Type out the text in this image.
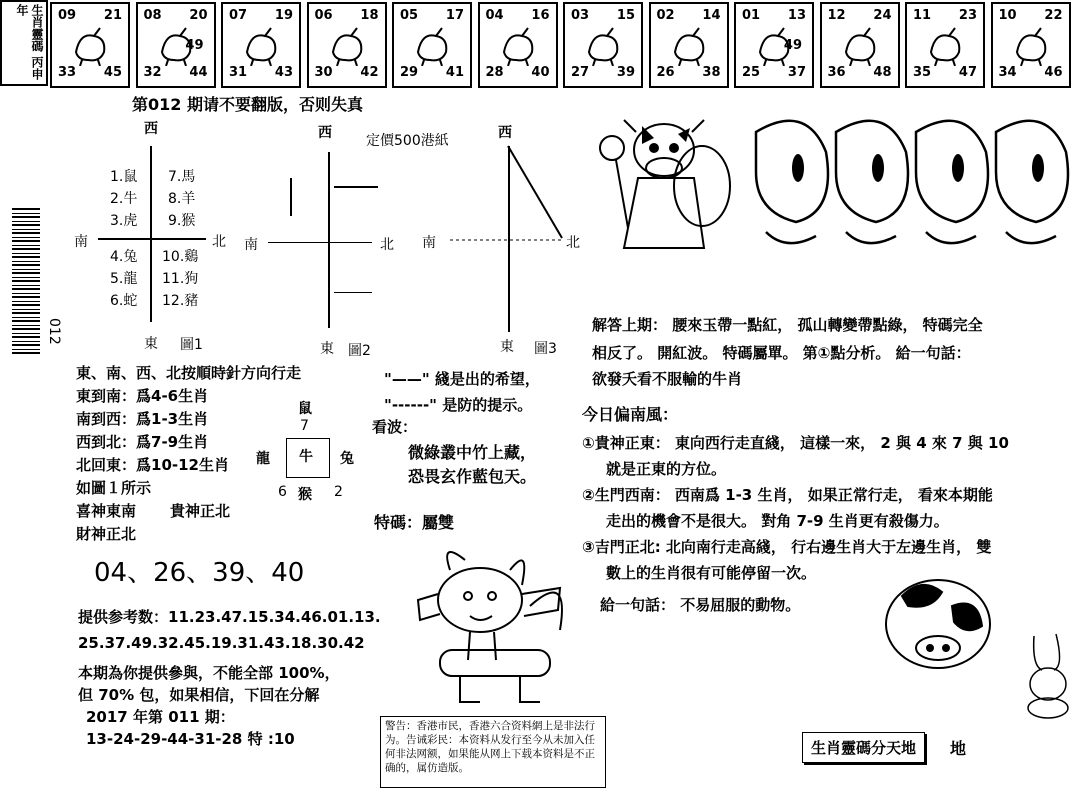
生肖靈碼 丙申年	09 21
33 45
08 20
32 44
49
07 19
31 43
06 18
30 42
05 17
29 41
04 16
28 40
03 15
27 39
02 14
26 38
01 13
25 37
49
12 24
36 48
11 23
35 47
10 22
34 46
第012 期请不要翻版，否则失真
西
南	北
1.鼠
2.牛
3.虎
4.兔
5.龍
6.蛇
7.馬
8.羊
9.猴
10.鷄
11.狗
12.豬
東 圖1
西 定價500港紙
南	北
東 圖2
西
南	北
東 圖3
012
東、南、西、北按順時針方向行走
東到南：爲4-6生肖
南到西：爲1-3生肖
西到北：爲7-9生肖
北回東：爲10-12生肖
如圖１所示
喜神東南
財神正北
貴神正北
"——" 綫是出的希望，
"------" 是防的提示。
鼠
7
龍 牛 兔
6 猴 2
看波：
微綠叢中竹上藏，
恐畏玄作藍包天。
特碼：屬雙
04、26、39、40
提供参考数：11.23.47.15.34.46.01.13.
25.37.49.32.45.19.31.43.18.30.42
本期為你提供參與，不能全部 100%，
但 70% 包，如果相信，下回在分解
2017 年第 011 期：
13-24-29-44-31-28 特 :10
警告：香港市民，香港六合资料網上是非法行为。告诫彩民：本资料从发行至今从未加入任何非法网额，如果能从网上下载本资料是不正确的，属仿造版。
解答上期： 腰來玉帶一點紅， 孤山轉變帶點綠， 特碼完全
相反了。 開紅波。 特碼屬單。 第①點分析。 給一句話：
欲發夭看不服輸的牛肖
今日偏南風：
①貴神正東： 東向西行走直綫， 這樣一來， 2 與 4 來 7 與 10
就是正東的方位。
②生門西南： 西南爲 1-3 生肖， 如果正常行走， 看來本期能
走出的機會不是很大。 對角 7-9 生肖更有殺傷力。
③吉門正北: 北向南行走高綫， 行右邊生肖大于左邊生肖， 雙
數上的生肖很有可能停留一次。
給一句話： 不易屈服的動物。
生肖靈碼分天地	地
